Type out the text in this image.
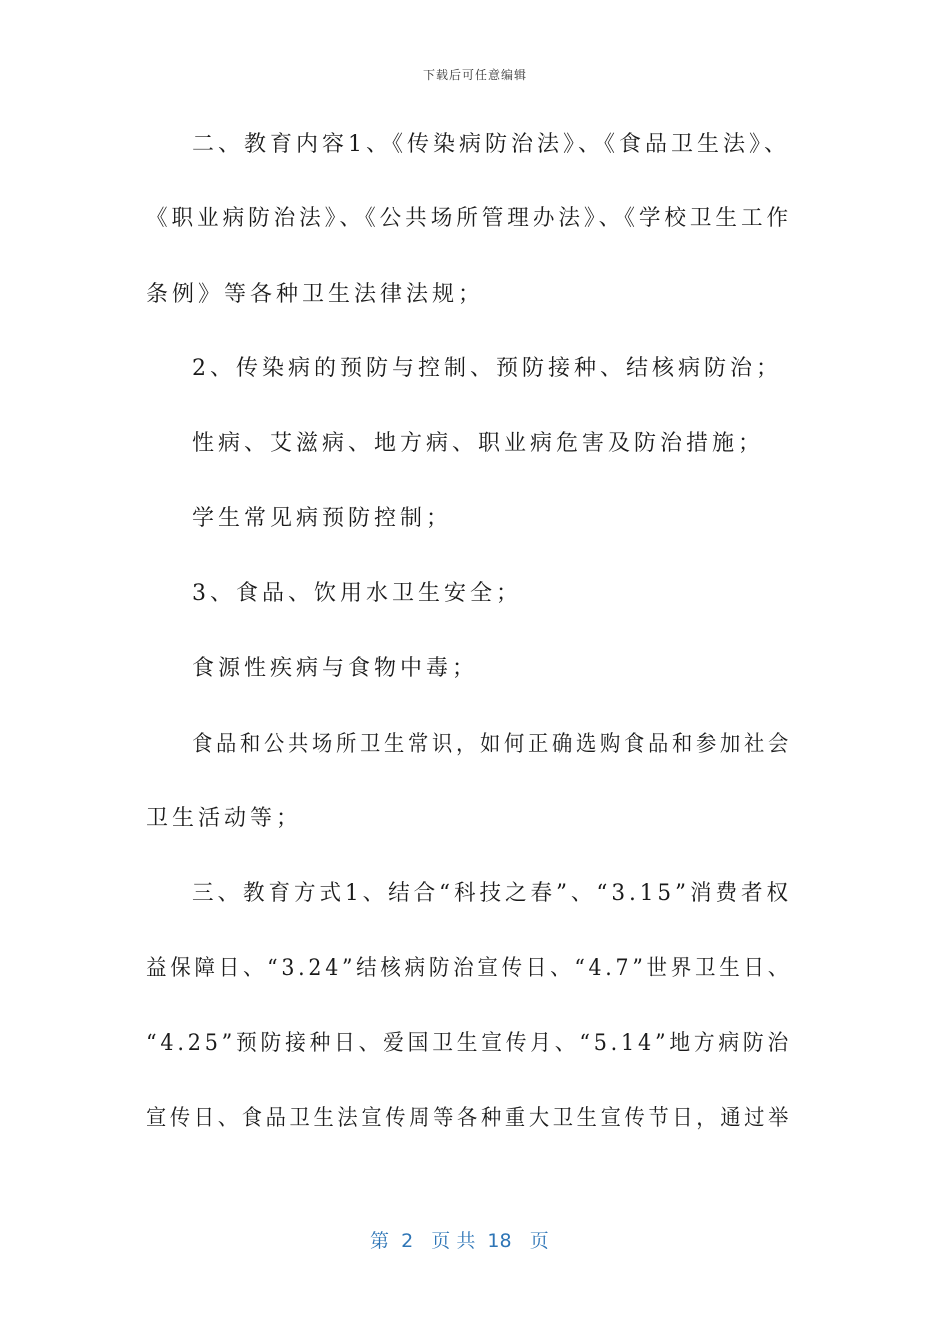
下载后可任意编辑
二、教育内容1、《传染病防治法》、《食品卫生法》、
《职业病防治法》、《公共场所管理办法》、《学校卫生工作
条例》等各种卫生法律法规；
2、传染病的预防与控制、预防接种、结核病防治；
性病、艾滋病、地方病、职业病危害及防治措施；
学生常见病预防控制；
3、食品、饮用水卫生安全；
食源性疾病与食物中毒；
食品和公共场所卫生常识，如何正确选购食品和参加社会
卫生活动等；
三、教育方式1、结合“科技之春”、“3.15”消费者权
益保障日、“3.24”结核病防治宣传日、“4.7”世界卫生日、
“4.25”预防接种日、爱国卫生宣传月、“5.14”地方病防治
宣传日、食品卫生法宣传周等各种重大卫生宣传节日，通过举
第  2   页 共  18   页
